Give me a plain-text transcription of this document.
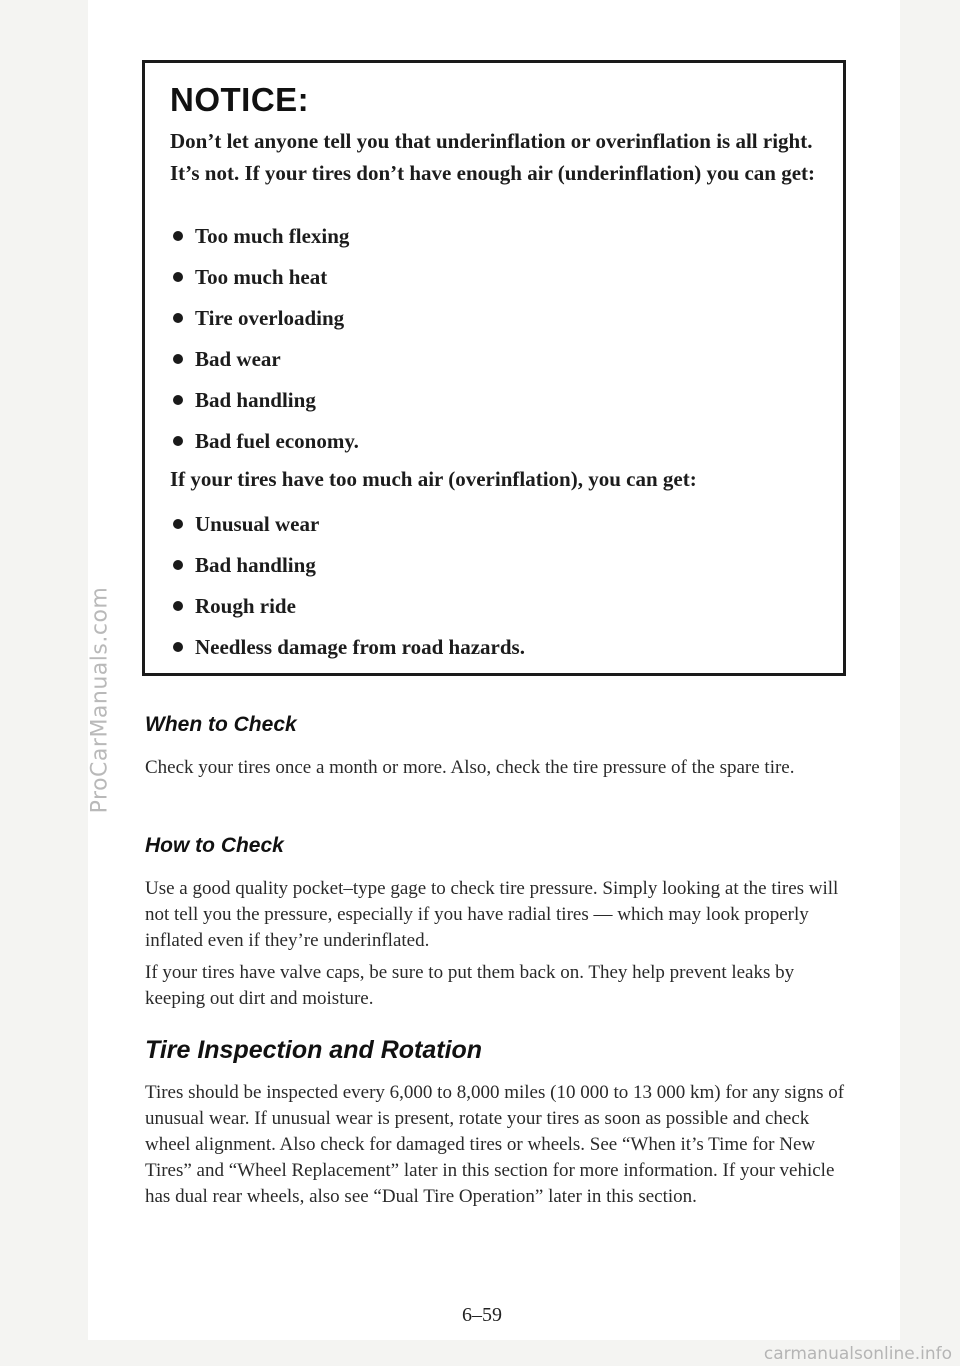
ProCarManuals.com
NOTICE:
Don’t let anyone tell you that underinflation or overinflation is all right. It’s not. If your tires don’t have enough air (underinflation) you can get:
Too much flexing
Too much heat
Tire overloading
Bad wear
Bad handling
Bad fuel economy.
If your tires have too much air (overinflation), you can get:
Unusual wear
Bad handling
Rough ride
Needless damage from road hazards.
When to Check

Check your tires once a month or more. Also, check the tire pressure of the spare tire.

How to Check

Use a good quality pocket–type gage to check tire pressure. Simply looking at the tires will not tell you the pressure, especially if you have radial tires — which may look properly inflated even if they’re underinflated.

If your tires have valve caps, be sure to put them back on. They help prevent leaks by keeping out dirt and moisture.

Tire Inspection and Rotation

Tires should be inspected every 6,000 to 8,000 miles (10 000 to 13 000 km) for any signs of unusual wear. If unusual wear is present, rotate your tires as soon as possible and check wheel alignment. Also check for damaged tires or wheels. See “When it’s Time for New Tires” and “Wheel Replacement” later in this section for more information. If your vehicle has dual rear wheels, also see “Dual Tire Operation” later in this section.

6–59
carmanualsonline.info
